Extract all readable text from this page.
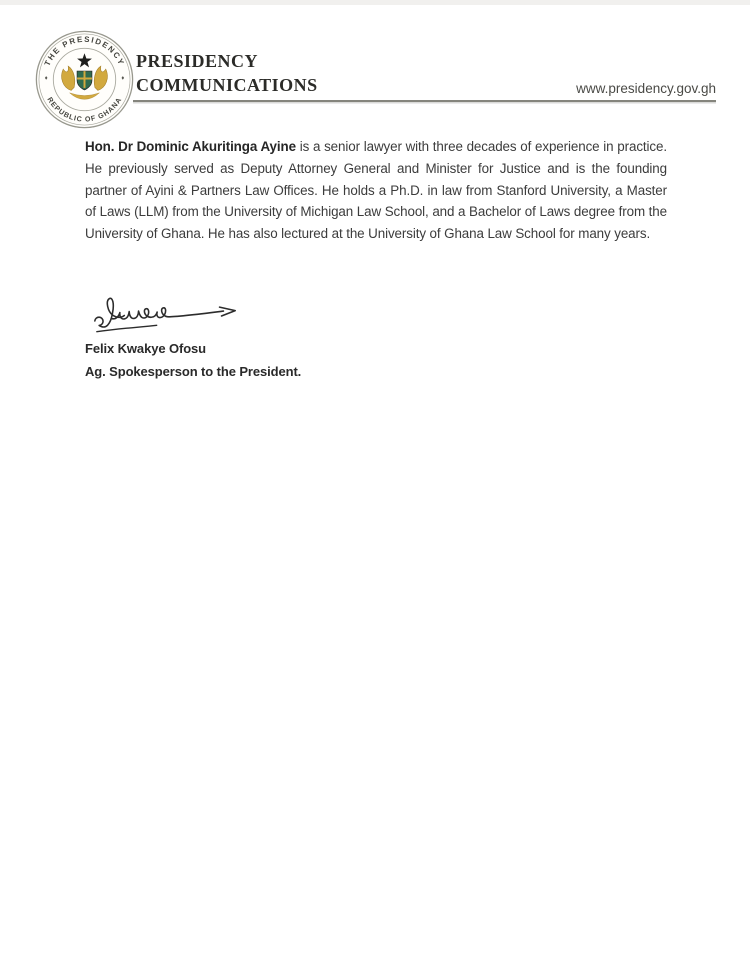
THE PRESIDENCY
REPUBLIC OF GHANA
PRESIDENCY
COMMUNICATIONS	www.presidency.gov.gh

Hon. Dr Dominic Akuritinga Ayine is a senior lawyer with three decades of experience in practice. He previously served as Deputy Attorney General and Minister for Justice and is the founding partner of Ayini & Partners Law Offices. He holds a Ph.D. in law from Stanford University, a Master of Laws (LLM) from the University of Michigan Law School, and a Bachelor of Laws degree from the University of Ghana. He has also lectured at the University of Ghana Law School for many years.

Felix Kwakye Ofosu
Ag. Spokesperson to the President.
